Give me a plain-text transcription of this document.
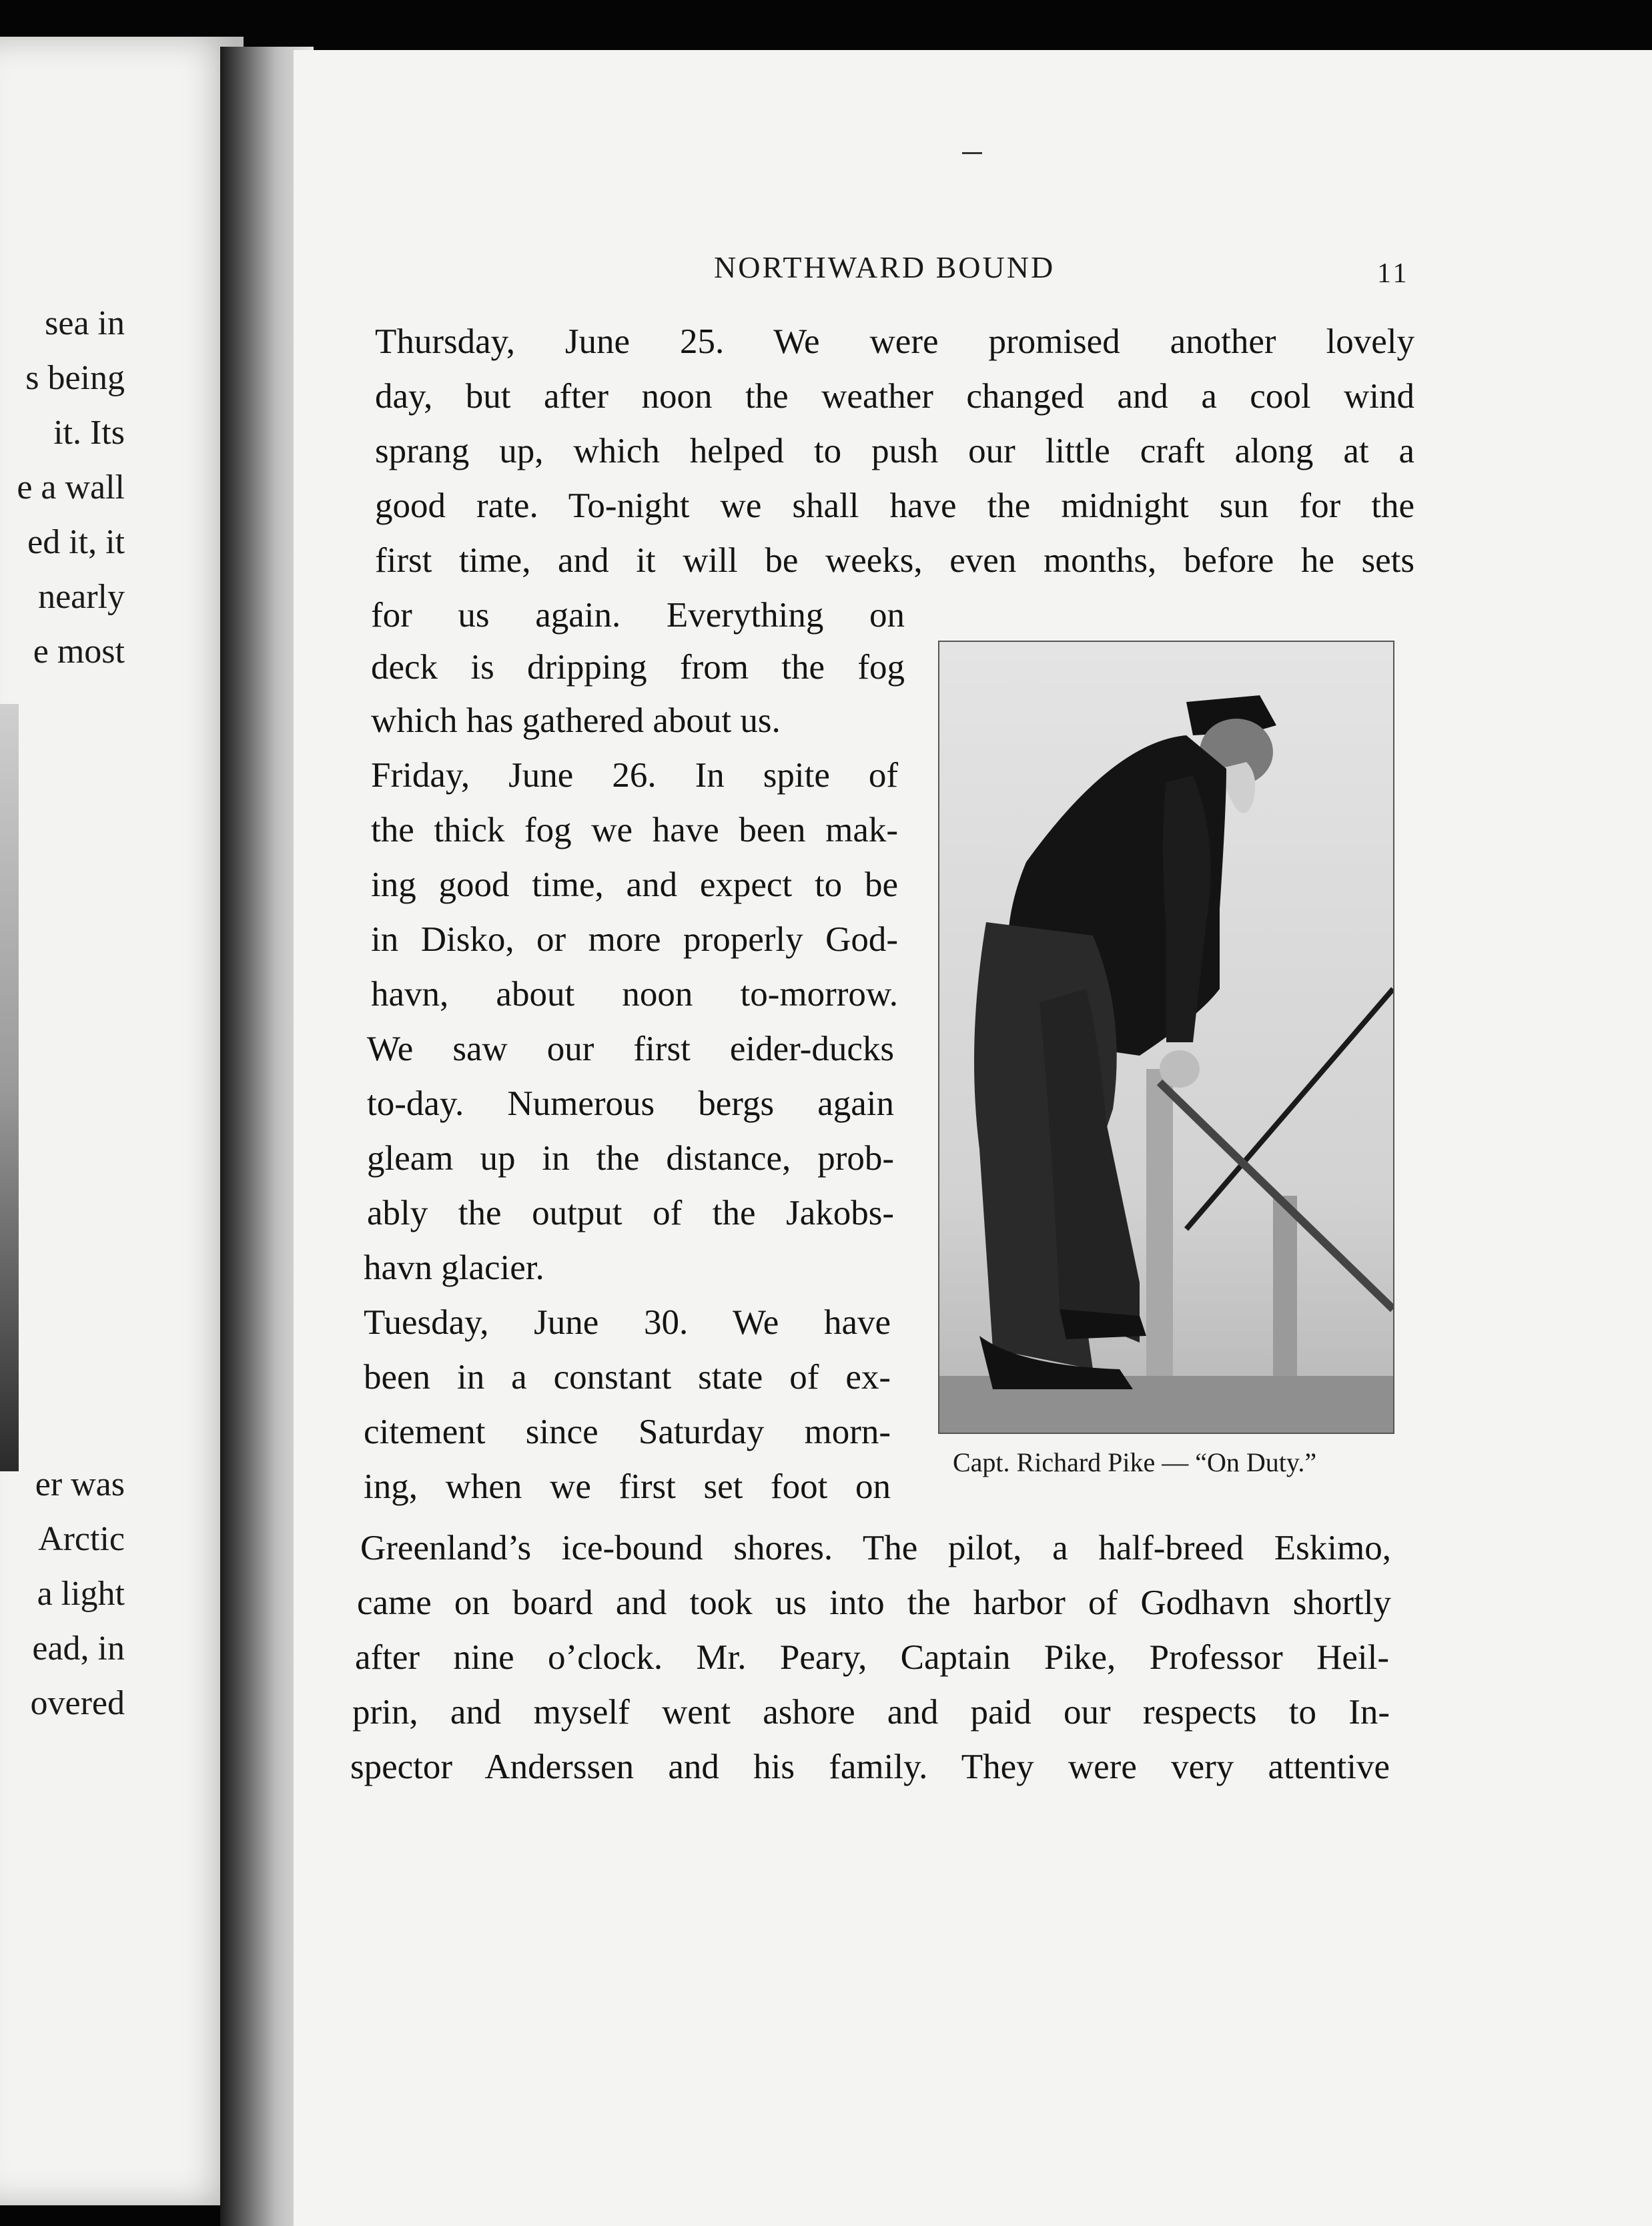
sea in
s being
it. Its
e a wall
ed it, it
nearly
e most
er was
Arctic
a light
ead, in
overed
NORTHWARD BOUND	11
Thursday, June 25. We were promised another lovely
day, but after noon the weather changed and a cool wind
sprang up, which helped to push our little craft along at a
good rate. To-night we shall have the midnight sun for the
first time, and it will be weeks, even months, before he sets
for us again. Everything on
deck is dripping from the fog
which has gathered about us.
Friday, June 26. In spite of
the thick fog we have been mak-
ing good time, and expect to be
in Disko, or more properly God-
havn, about noon to-morrow.
We saw our first eider-ducks
to-day. Numerous bergs again
gleam up in the distance, prob-
ably the output of the Jakobs-
havn glacier.
Tuesday, June 30. We have
been in a constant state of ex-
citement since Saturday morn-
ing, when we first set foot on
Greenland’s ice-bound shores. The pilot, a half-breed Eskimo,
came on board and took us into the harbor of Godhavn shortly
after nine o’clock. Mr. Peary, Captain Pike, Professor Heil-
prin, and myself went ashore and paid our respects to In-
spector Anderssen and his family. They were very attentive
Capt. Richard Pike — “On Duty.”
